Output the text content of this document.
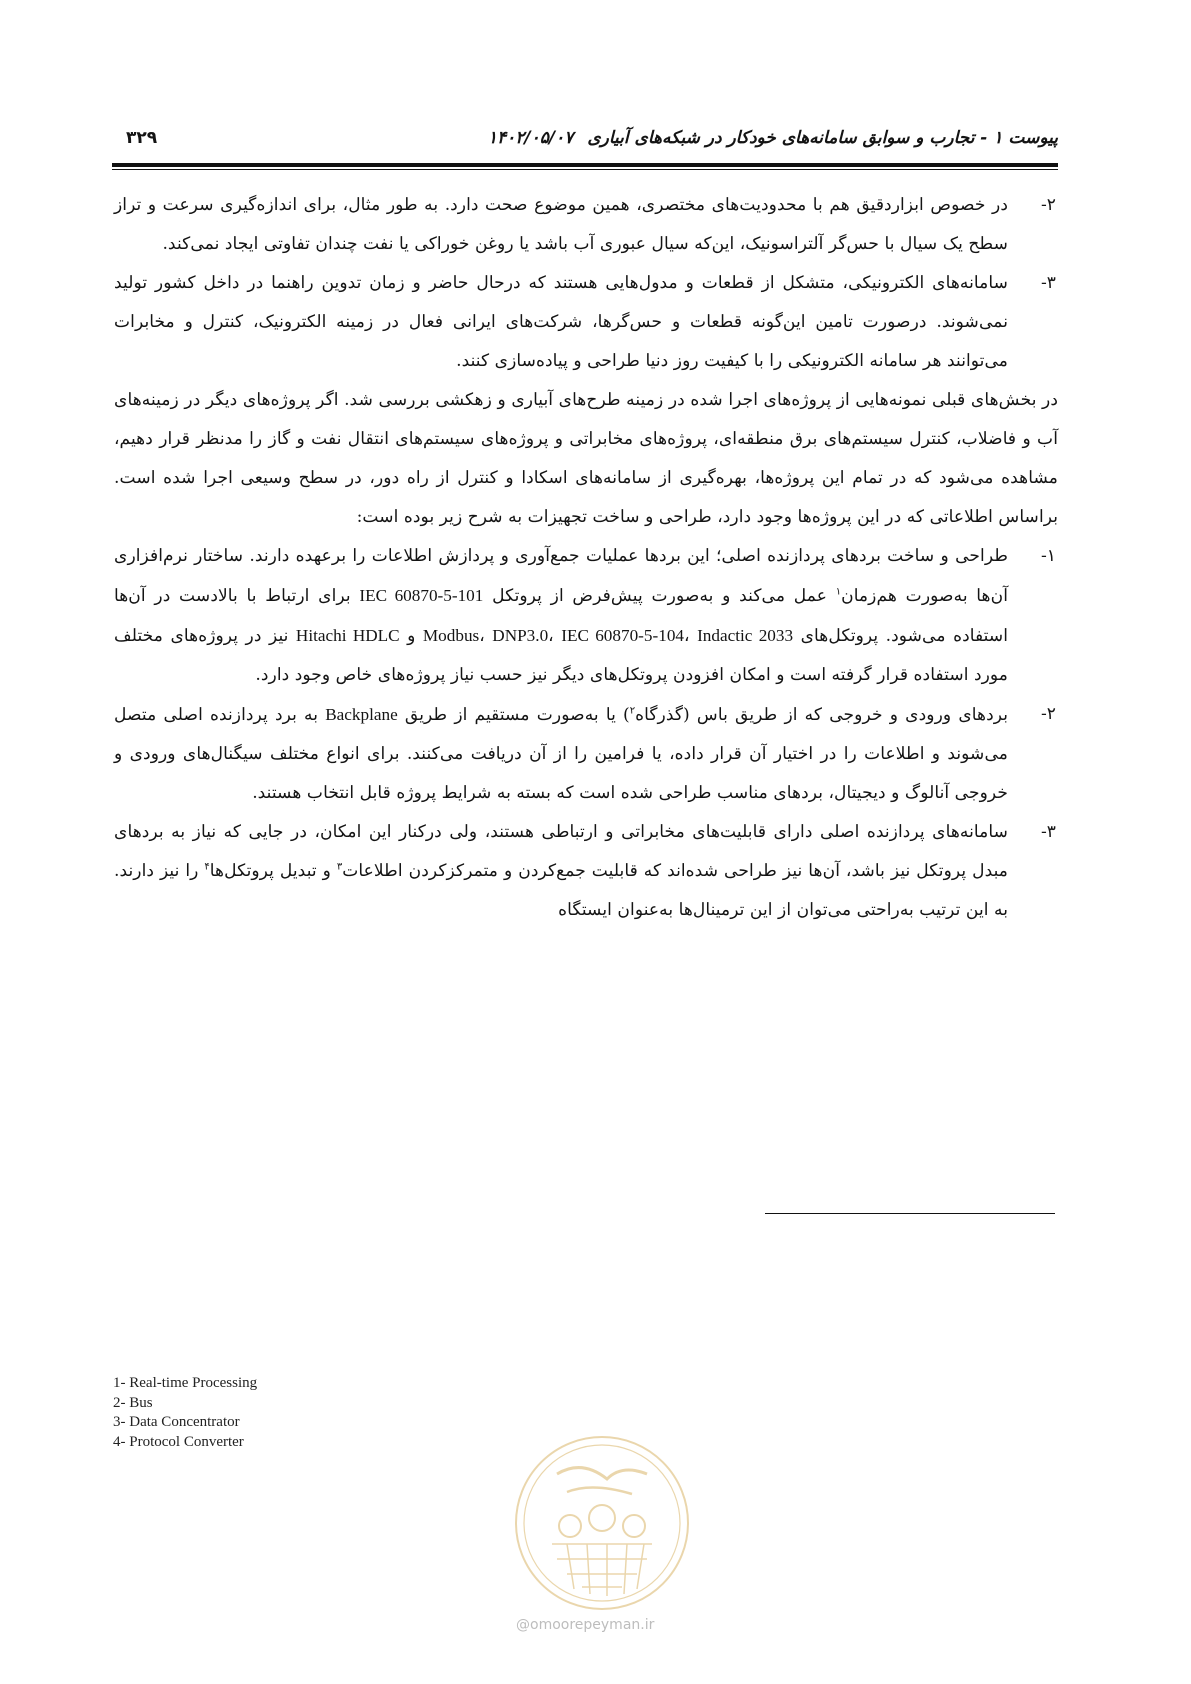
پیوست ۱ - تجارب و سوابق سامانه‌های خودکار در شبکه‌های آبیاری۱۴۰۲/۰۵/۰۷
۳۲۹
۲-
در خصوص ابزاردقیق هم با محدودیت‌های مختصری، همین موضوع صحت دارد. به طور مثال، برای اندازه‌گیری سرعت و تراز سطح یک سیال با حس‌گر آلتراسونیک، این‌که سیال عبوری آب باشد یا روغن خوراکی یا نفت چندان تفاوتی ایجاد نمی‌کند.
۳-
سامانه‌های الکترونیکی، متشکل از قطعات و مدول‌هایی هستند که درحال حاضر و زمان تدوین راهنما در داخل کشور تولید نمی‌شوند. درصورت تامین این‌گونه قطعات و حس‌گرها، شرکت‌های ایرانی فعال در زمینه الکترونیک، کنترل و مخابرات می‌توانند هر سامانه الکترونیکی را با کیفیت روز دنیا طراحی و پیاده‌سازی کنند.

در بخش‌های قبلی نمونه‌هایی از پروژه‌های اجرا شده در زمینه طرح‌های آبیاری و زهکشی بررسی شد. اگر پروژه‌های دیگر در زمینه‌های آب و فاضلاب، کنترل سیستم‌های برق منطقه‌ای، پروژه‌های مخابراتی و پروژه‌های سیستم‌های انتقال نفت و گاز را مدنظر قرار دهیم، مشاهده می‌شود که در تمام این پروژه‌ها، بهره‌گیری از سامانه‌های اسکادا و کنترل از راه دور، در سطح وسیعی اجرا شده است. براساس اطلاعاتی که در این پروژه‌ها وجود دارد، طراحی و ساخت تجهیزات به شرح زیر بوده است:

۱-
طراحی و ساخت بردهای پردازنده اصلی؛ این بردها عملیات جمع‌آوری و پردازش اطلاعات را برعهده دارند. ساختار نرم‌افزاری آن‌ها به‌صورت هم‌زمان$^۱$ عمل می‌کند و به‌صورت پیش‌فرض از پروتکل IEC 60870-5-101 برای ارتباط با بالادست در آن‌ها استفاده می‌شود. پروتکل‌های Modbus، DNP3.0، IEC 60870-5-104، Indactic 2033 و Hitachi HDLC نیز در پروژه‌های مختلف مورد استفاده قرار گرفته است و امکان افزودن پروتکل‌های دیگر نیز حسب نیاز پروژه‌های خاص وجود دارد.
۲-
بردهای ورودی و خروجی که از طریق باس (گذرگاه$^۲$) یا به‌صورت مستقیم از طریق Backplane به برد پردازنده اصلی متصل می‌شوند و اطلاعات را در اختیار آن قرار داده، یا فرامین را از آن دریافت می‌کنند. برای انواع مختلف سیگنال‌های ورودی و خروجی آنالوگ و دیجیتال، بردهای مناسب طراحی شده است که بسته به شرایط پروژه قابل انتخاب هستند.
۳-
سامانه‌های پردازنده اصلی دارای قابلیت‌های مخابراتی و ارتباطی هستند، ولی درکنار این امکان، در جایی که نیاز به بردهای مبدل پروتکل نیز باشد، آن‌ها نیز طراحی شده‌اند که قابلیت جمع‌کردن و متمرکزکردن اطلاعات$^۳$ و تبدیل پروتکل‌ها$^۴$ را نیز دارند. به این ترتیب به‌راحتی می‌توان از این ترمینال‌ها به‌عنوان ایستگاه
1- Real-time Processing
2- Bus
3- Data Concentrator
4- Protocol Converter
@omoorepeyman.ir
